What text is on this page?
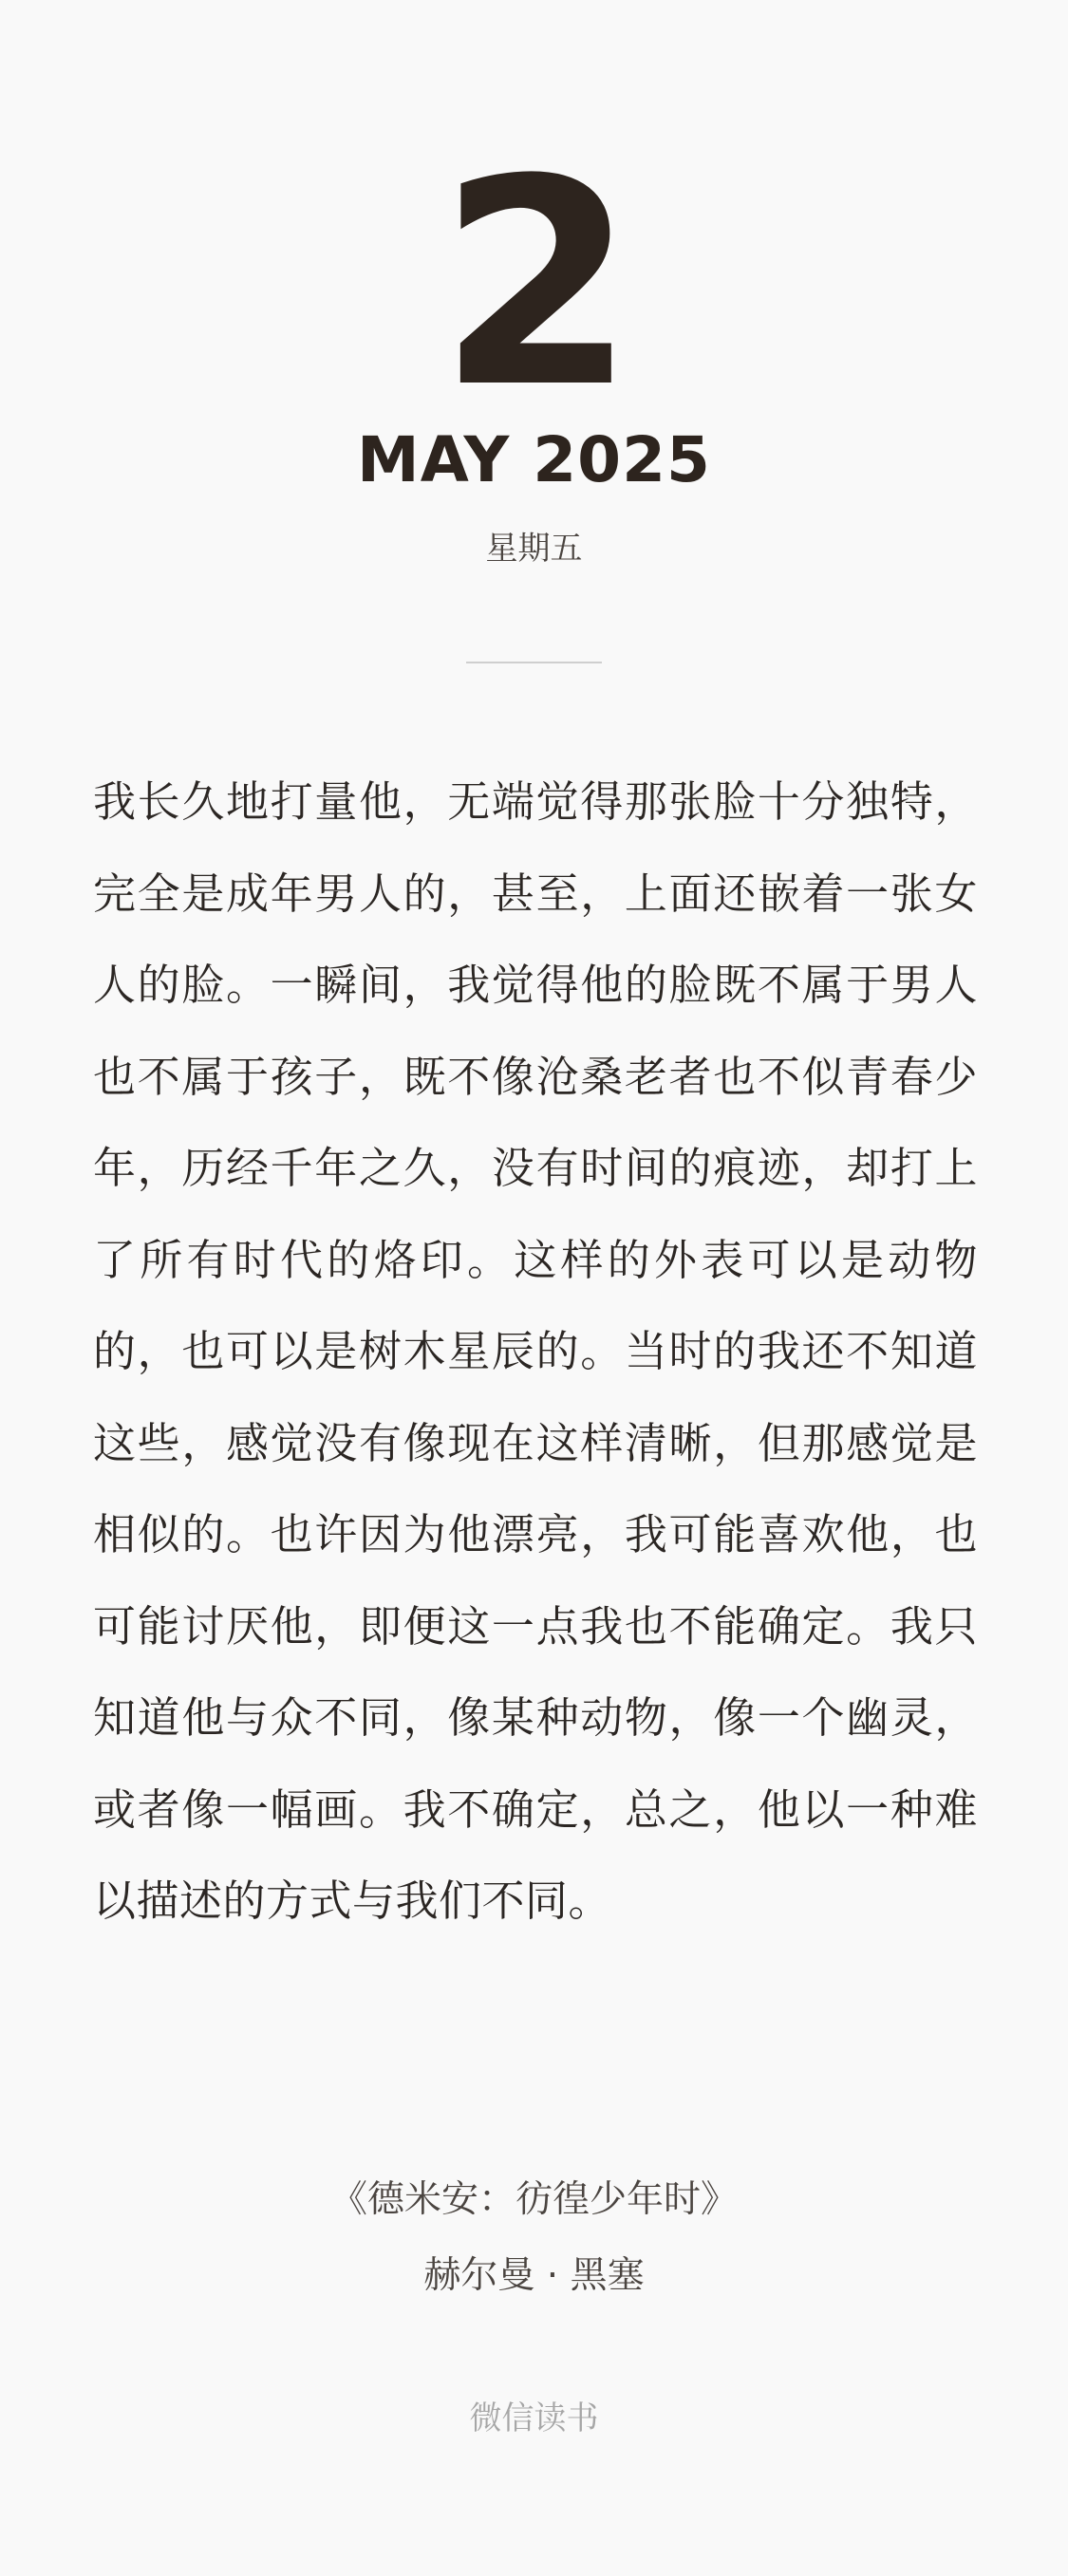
2
MAY 2025
星期五

我长久地打量他，无端觉得那张脸十分独特，完全是成年男人的，甚至，上面还嵌着一张女人的脸。一瞬间，我觉得他的脸既不属于男人也不属于孩子，既不像沧桑老者也不似青春少年，历经千年之久，没有时间的痕迹，却打上了所有时代的烙印。这样的外表可以是动物的，也可以是树木星辰的。当时的我还不知道这些，感觉没有像现在这样清晰，但那感觉是相似的。也许因为他漂亮，我可能喜欢他，也可能讨厌他，即便这一点我也不能确定。我只知道他与众不同，像某种动物，像一个幽灵，或者像一幅画。我不确定，总之，他以一种难以描述的方式与我们不同。

《德米安：彷徨少年时》
赫尔曼 · 黑塞
微信读书
